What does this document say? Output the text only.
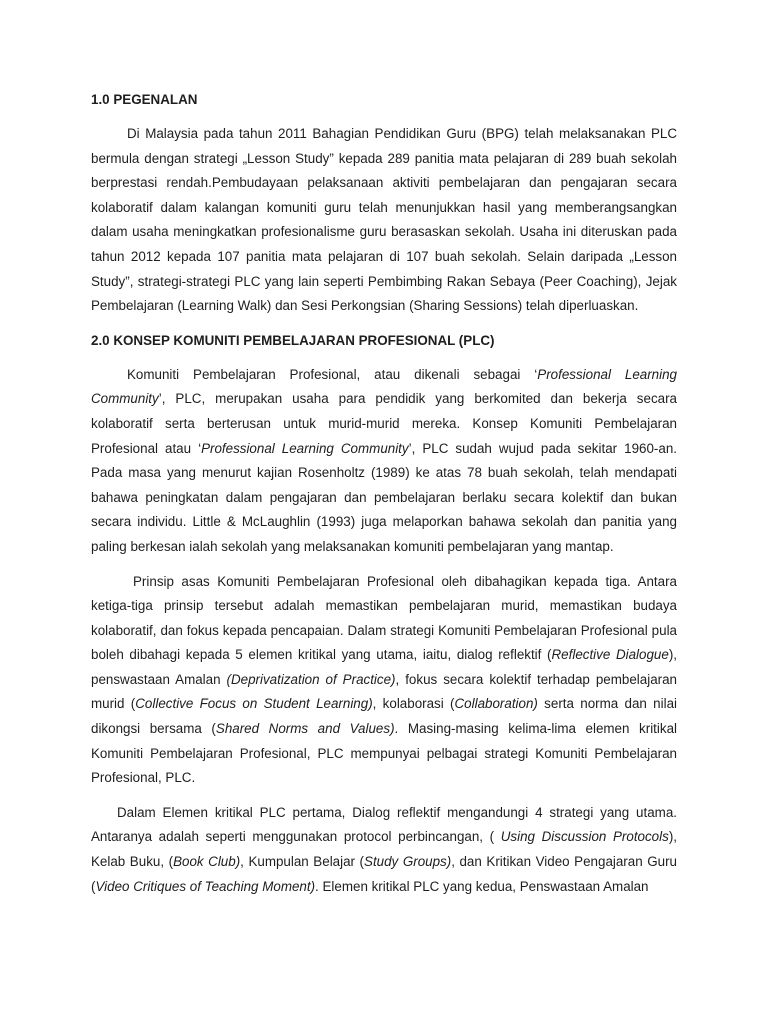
1.0 PEGENALAN

Di Malaysia pada tahun 2011 Bahagian Pendidikan Guru (BPG) telah melaksanakan PLC bermula dengan strategi „Lesson Study” kepada 289 panitia mata pelajaran di 289 buah sekolah berprestasi rendah.Pembudayaan pelaksanaan aktiviti pembelajaran dan pengajaran secara kolaboratif dalam kalangan komuniti guru telah menunjukkan hasil yang memberangsangkan dalam usaha meningkatkan profesionalisme guru berasaskan sekolah. Usaha ini diteruskan pada tahun 2012 kepada 107 panitia mata pelajaran di 107 buah sekolah. Selain daripada „Lesson Study”, strategi-strategi PLC yang lain seperti Pembimbing Rakan Sebaya (Peer Coaching), Jejak Pembelajaran (Learning Walk) dan Sesi Perkongsian (Sharing Sessions) telah diperluaskan.

2.0 KONSEP KOMUNITI PEMBELAJARAN PROFESIONAL (PLC)

Komuniti Pembelajaran Profesional, atau dikenali sebagai ‘Professional Learning Community’, PLC, merupakan usaha para pendidik yang berkomited dan bekerja secara kolaboratif serta berterusan untuk murid-murid mereka. Konsep Komuniti Pembelajaran Profesional atau ‘Professional Learning Community’, PLC sudah wujud pada sekitar 1960-an. Pada masa yang menurut kajian Rosenholtz (1989) ke atas 78 buah sekolah, telah mendapati bahawa peningkatan dalam pengajaran dan pembelajaran berlaku secara kolektif dan bukan secara individu. Little & McLaughlin (1993) juga melaporkan bahawa sekolah dan panitia yang paling berkesan ialah sekolah yang melaksanakan komuniti pembelajaran yang mantap.

Prinsip asas Komuniti Pembelajaran Profesional oleh dibahagikan kepada tiga. Antara ketiga-tiga prinsip tersebut adalah memastikan pembelajaran murid, memastikan budaya kolaboratif, dan fokus kepada pencapaian. Dalam strategi Komuniti Pembelajaran Profesional pula boleh dibahagi kepada 5 elemen kritikal yang utama, iaitu, dialog reflektif (Reflective Dialogue), penswastaan Amalan (Deprivatization of Practice), fokus secara kolektif terhadap pembelajaran murid (Collective Focus on Student Learning), kolaborasi (Collaboration) serta norma dan nilai dikongsi bersama (Shared Norms and Values). Masing-masing kelima-lima elemen kritikal Komuniti Pembelajaran Profesional, PLC mempunyai pelbagai strategi Komuniti Pembelajaran Profesional, PLC.

Dalam Elemen kritikal PLC pertama, Dialog reflektif mengandungi 4 strategi yang utama. Antaranya adalah seperti menggunakan protocol perbincangan, ( Using Discussion Protocols), Kelab Buku, (Book Club), Kumpulan Belajar (Study Groups), dan Kritikan Video Pengajaran Guru (Video Critiques of Teaching Moment). Elemen kritikal PLC yang kedua, Penswastaan Amalan
